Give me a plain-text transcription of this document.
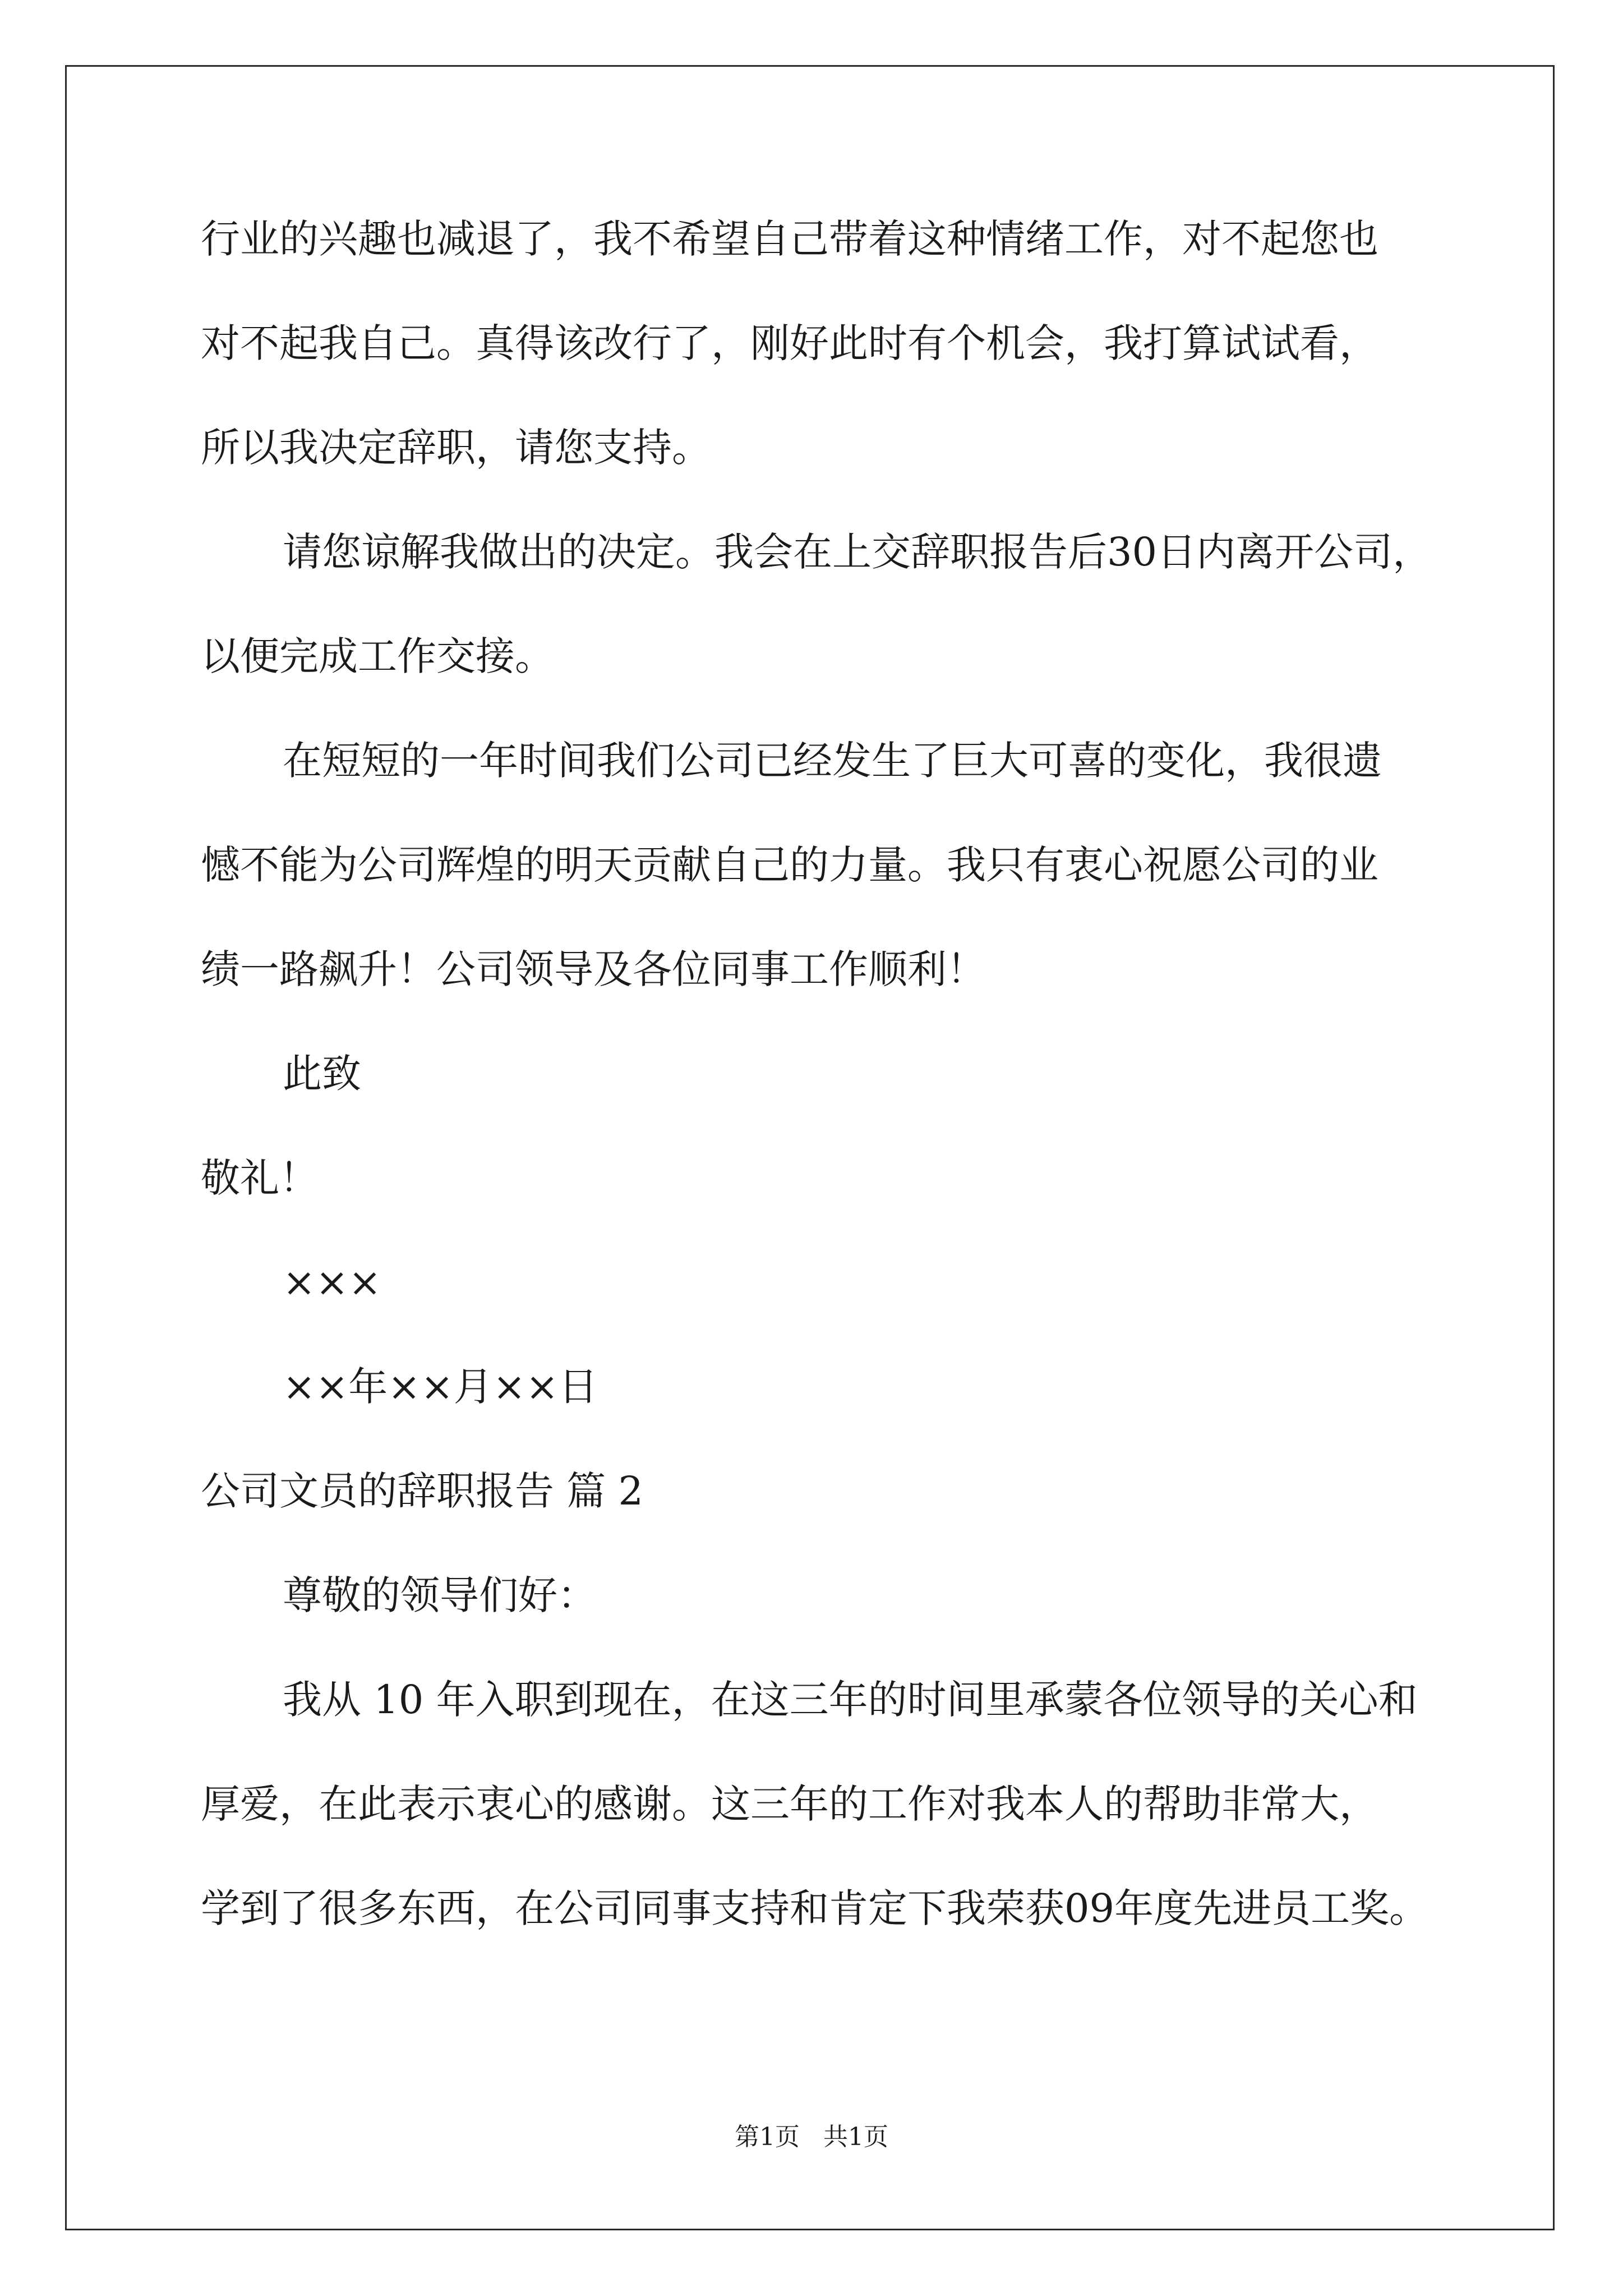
行业的兴趣也减退了，我不希望自己带着这种情绪工作，对不起您也
对不起我自己。真得该改行了，刚好此时有个机会，我打算试试看，
所以我决定辞职，请您支持。
请您谅解我做出的决定。我会在上交辞职报告后30日内离开公司，
以便完成工作交接。
在短短的一年时间我们公司已经发生了巨大可喜的变化，我很遗
憾不能为公司辉煌的明天贡献自己的力量。我只有衷心祝愿公司的业
绩一路飙升！公司领导及各位同事工作顺利！
此致
敬礼！
×××
××年××月××日
公司文员的辞职报告 篇 2
尊敬的领导们好：
我从 10 年入职到现在，在这三年的时间里承蒙各位领导的关心和
厚爱，在此表示衷心的感谢。这三年的工作对我本人的帮助非常大，
学到了很多东西，在公司同事支持和肯定下我荣获09年度先进员工奖。
第1页   共1页
